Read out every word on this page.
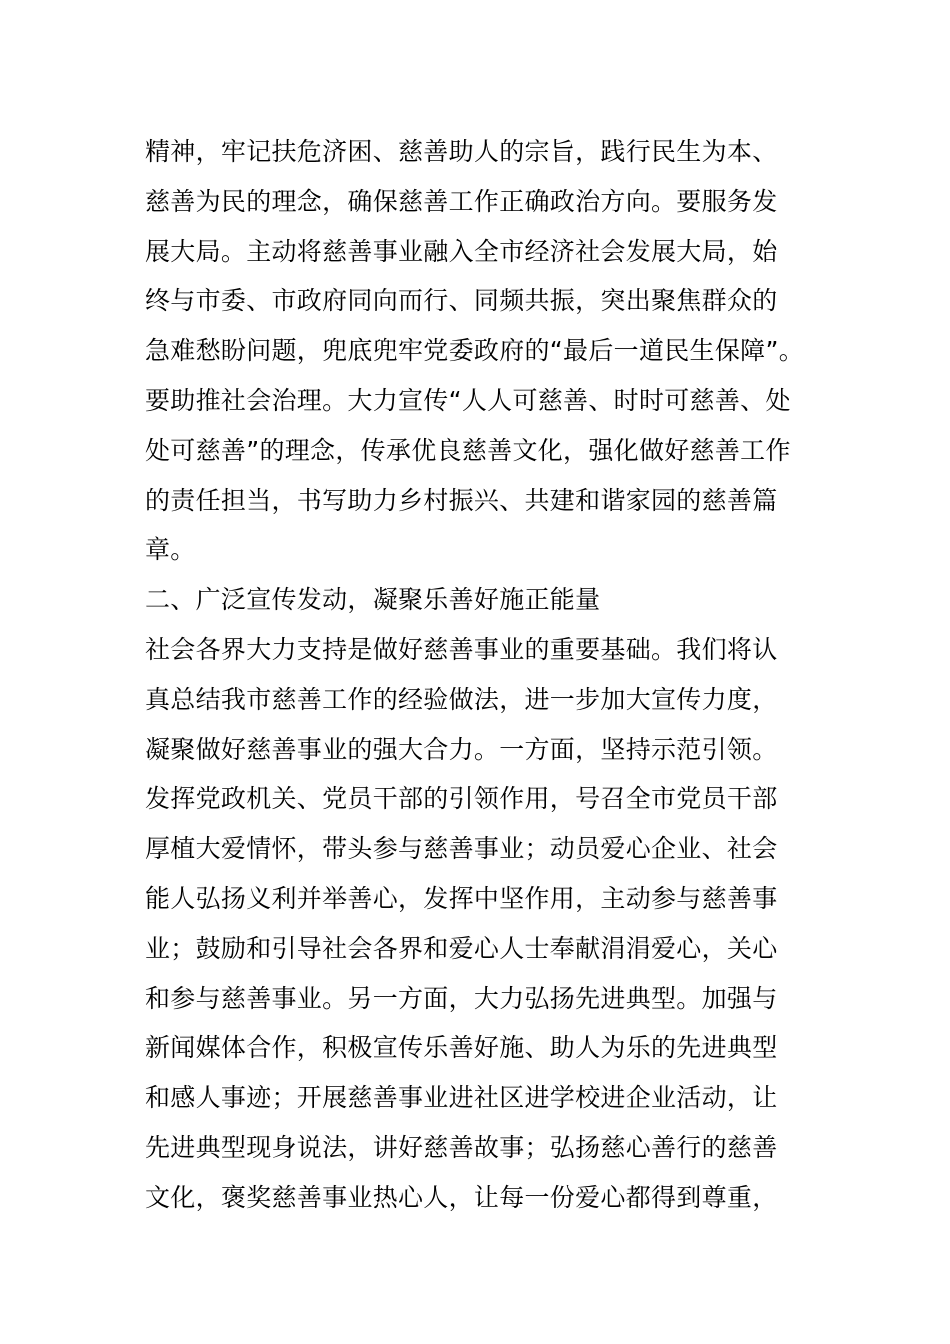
精神，牢记扶危济困、慈善助人的宗旨，践行民生为本、
慈善为民的理念，确保慈善工作正确政治方向。要服务发
展大局。主动将慈善事业融入全市经济社会发展大局，始
终与市委、市政府同向而行、同频共振，突出聚焦群众的
急难愁盼问题，兜底兜牢党委政府的“最后一道民生保障”。
要助推社会治理。大力宣传“人人可慈善、时时可慈善、处
处可慈善”的理念，传承优良慈善文化，强化做好慈善工作
的责任担当，书写助力乡村振兴、共建和谐家园的慈善篇
章。
二、广泛宣传发动，凝聚乐善好施正能量
社会各界大力支持是做好慈善事业的重要基础。我们将认
真总结我市慈善工作的经验做法，进一步加大宣传力度，
凝聚做好慈善事业的强大合力。一方面，坚持示范引领。
发挥党政机关、党员干部的引领作用，号召全市党员干部
厚植大爱情怀，带头参与慈善事业；动员爱心企业、社会
能人弘扬义利并举善心，发挥中坚作用，主动参与慈善事
业；鼓励和引导社会各界和爱心人士奉献涓涓爱心，关心
和参与慈善事业。另一方面，大力弘扬先进典型。加强与
新闻媒体合作，积极宣传乐善好施、助人为乐的先进典型
和感人事迹；开展慈善事业进社区进学校进企业活动，让
先进典型现身说法，讲好慈善故事；弘扬慈心善行的慈善
文化，褒奖慈善事业热心人，让每一份爱心都得到尊重，
